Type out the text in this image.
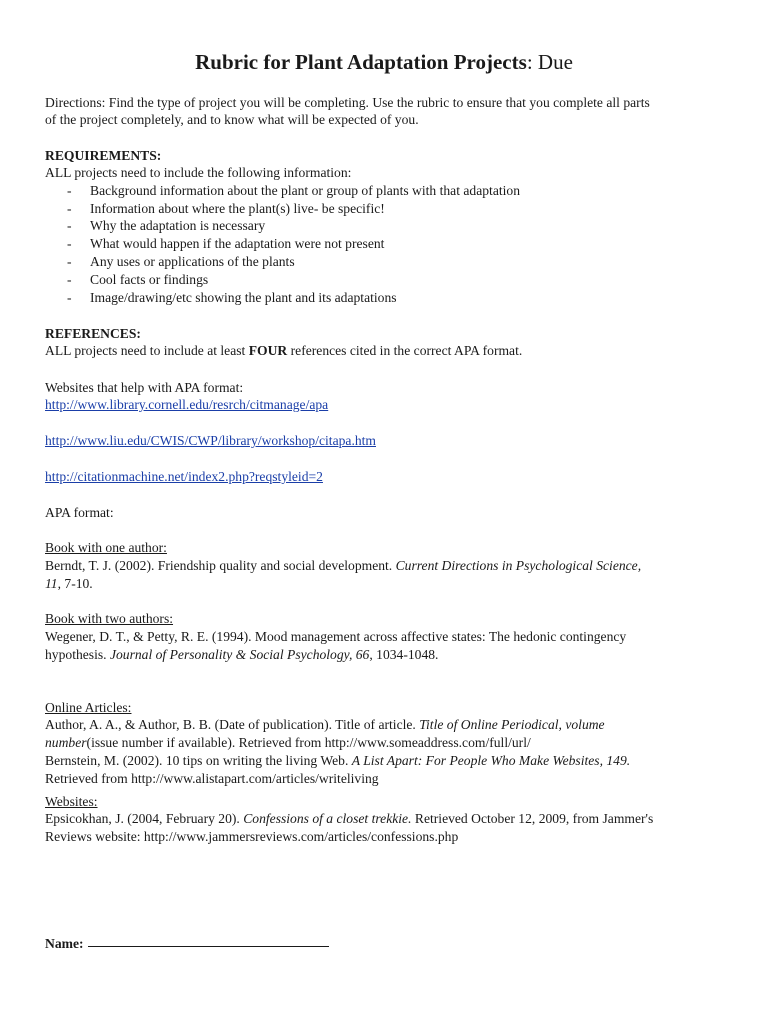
Rubric for Plant Adaptation Projects: Due
Directions: Find the type of project you will be completing. Use the rubric to ensure that you complete all parts
of the project completely, and to know what will be expected of you.
REQUIREMENTS:
ALL projects need to include the following information:
- Background information about the plant or group of plants with that adaptation
- Information about where the plant(s) live- be specific!
- Why the adaptation is necessary
- What would happen if the adaptation were not present
- Any uses or applications of the plants
- Cool facts or findings
- Image/drawing/etc showing the plant and its adaptations
REFERENCES:
ALL projects need to include at least FOUR references cited in the correct APA format.
Websites that help with APA format:
http://www.library.cornell.edu/resrch/citmanage/apa
http://www.liu.edu/CWIS/CWP/library/workshop/citapa.htm
http://citationmachine.net/index2.php?reqstyleid=2
APA format:
Book with one author:
Berndt, T. J. (2002). Friendship quality and social development. Current Directions in Psychological Science,
11, 7-10.
Book with two authors:
Wegener, D. T., & Petty, R. E. (1994). Mood management across affective states: The hedonic contingency
hypothesis. Journal of Personality & Social Psychology, 66, 1034-1048.
Online Articles:
Author, A. A., & Author, B. B. (Date of publication). Title of article. Title of Online Periodical, volume
number(issue number if available). Retrieved from http://www.someaddress.com/full/url/
Bernstein, M. (2002). 10 tips on writing the living Web. A List Apart: For People Who Make Websites, 149.
Retrieved from http://www.alistapart.com/articles/writeliving
Websites:
Epsicokhan, J. (2004, February 20). Confessions of a closet trekkie. Retrieved October 12, 2009, from Jammer's
Reviews website: http://www.jammersreviews.com/articles/confessions.php
Name:
